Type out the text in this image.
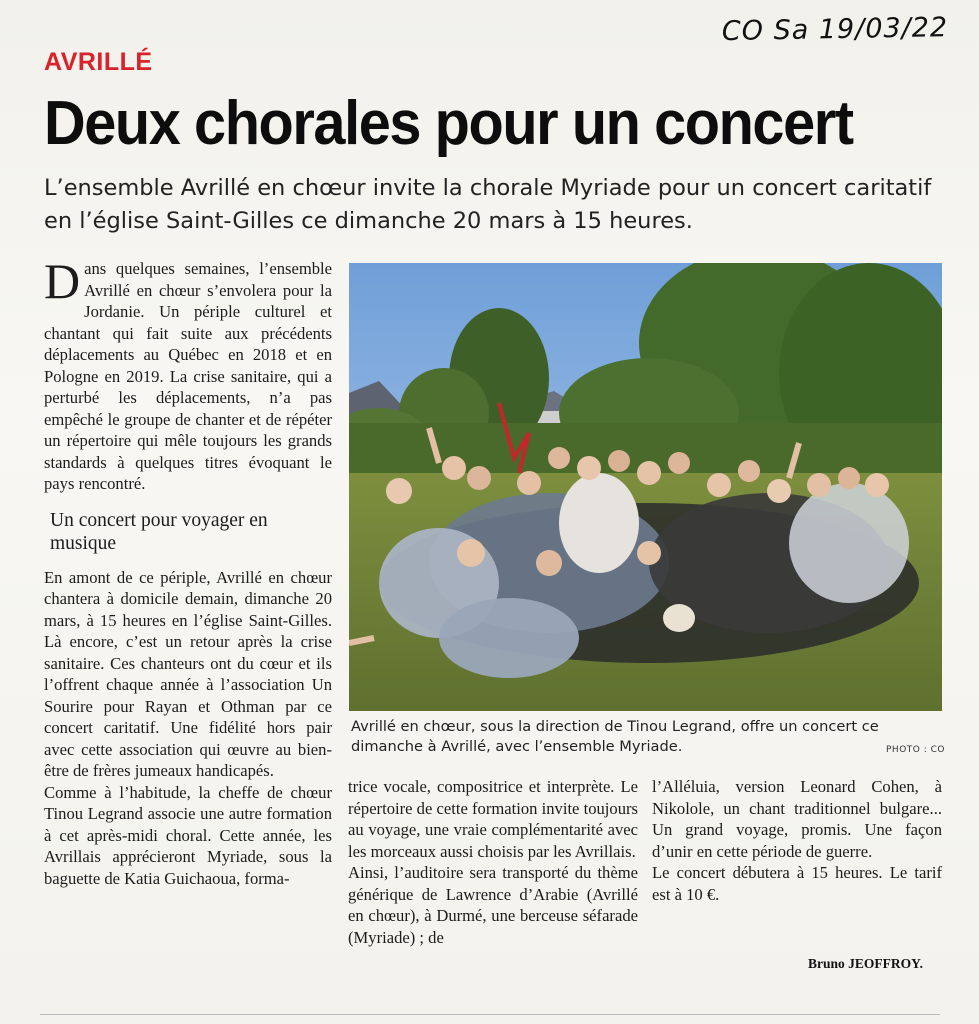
CO Sa 19/03/22
AVRILLÉ
Deux chorales pour un concert
L’ensemble Avrillé en chœur invite la chorale Myriade pour un concert caritatif en l’église Saint-Gilles ce dimanche 20 mars à 15 heures.

Dans quelques semaines, l’ensemble Avrillé en chœur s’envolera pour la Jordanie. Un périple culturel et chantant qui fait suite aux précédents déplacements au Québec en 2018 et en Pologne en 2019. La crise sanitaire, qui a perturbé les déplacements, n’a pas empêché le groupe de chanter et de répéter un répertoire qui mêle toujours les grands standards à quelques titres évoquant le pays rencontré.

Un concert pour voyager en musique

En amont de ce périple, Avrillé en chœur chantera à domicile demain, dimanche 20 mars, à 15 heures en l’église Saint-Gilles. Là encore, c’est un retour après la crise sanitaire. Ces chanteurs ont du cœur et ils l’offrent chaque année à l’association Un Sourire pour Rayan et Othman par ce concert caritatif. Une fidélité hors pair avec cette association qui œuvre au bien-être de frères jumeaux handicapés.

Comme à l’habitude, la cheffe de chœur Tinou Legrand associe une autre formation à cet après-midi choral. Cette année, les Avrillais apprécieront Myriade, sous la baguette de Katia Guichaoua, forma-

Avrillé en chœur, sous la direction de Tinou Legrand, offre un concert ce dimanche à Avrillé, avec l’ensemble Myriade.	PHOTO : CO

trice vocale, compositrice et interprète. Le répertoire de cette formation invite toujours au voyage, une vraie complémentarité avec les morceaux aussi choisis par les Avrillais.

Ainsi, l’auditoire sera transporté du thème générique de Lawrence d’Arabie (Avrillé en chœur), à Durmé, une berceuse séfarade (Myriade) ; de

l’Alléluia, version Leonard Cohen, à Nikolole, un chant traditionnel bulgare... Un grand voyage, promis. Une façon d’unir en cette période de guerre.

Le concert débutera à 15 heures. Le tarif est à 10 €.

Bruno JEOFFROY.
